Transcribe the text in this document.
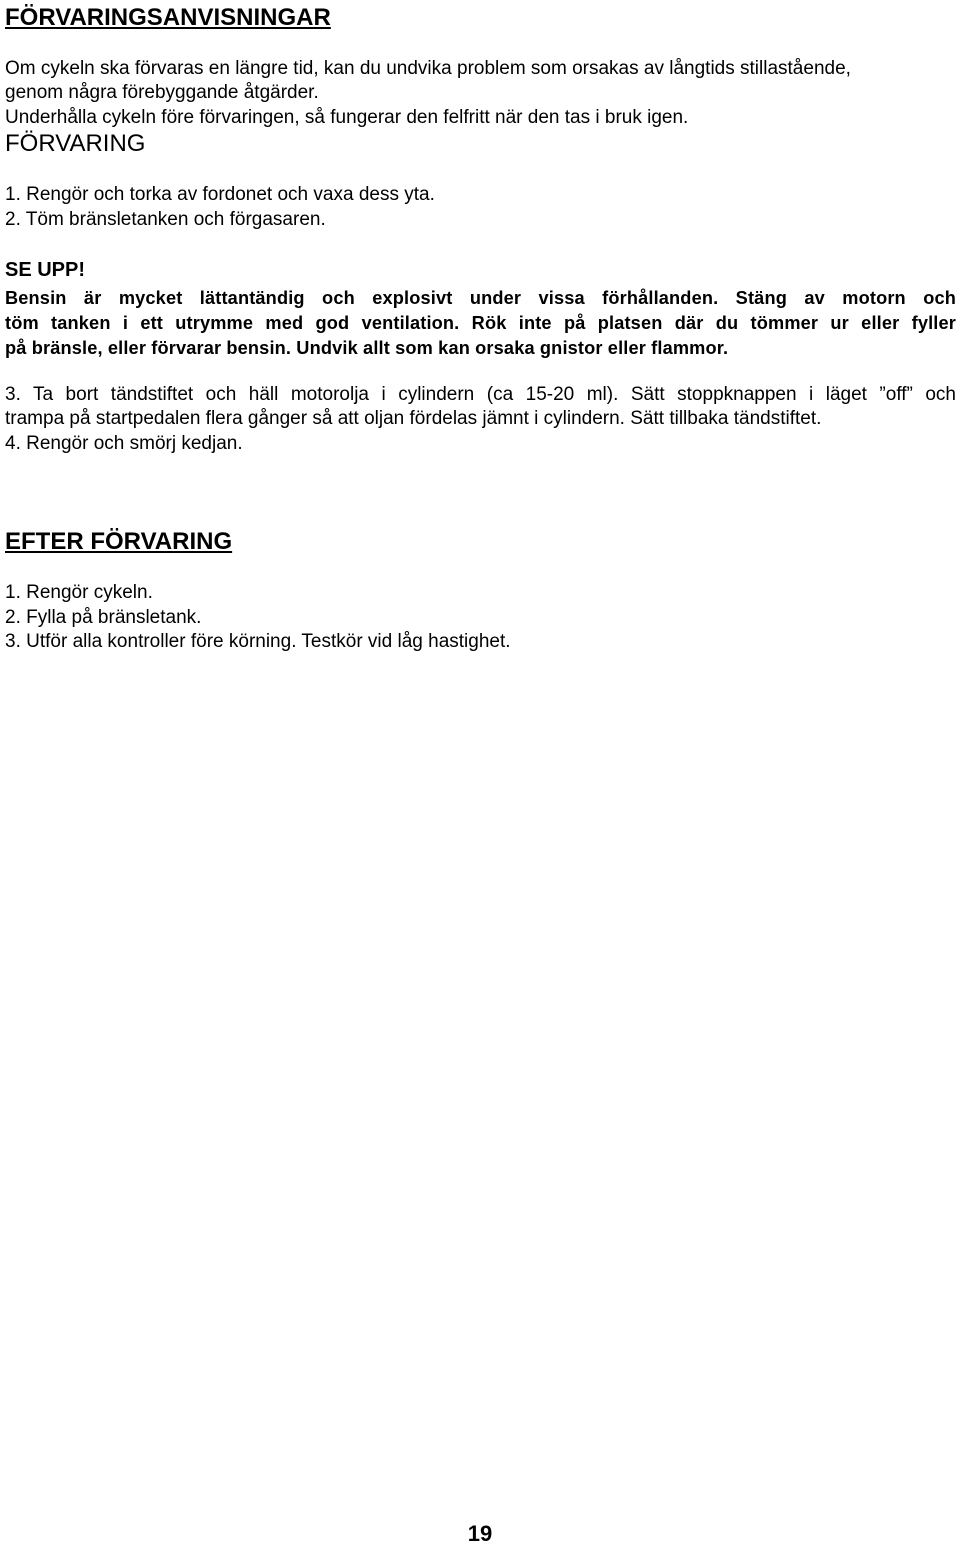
FÖRVARINGSANVISNINGAR
Om cykeln ska förvaras en längre tid, kan du undvika problem som orsakas av långtids stillastående,
genom några förebyggande åtgärder.
Underhålla cykeln före förvaringen, så fungerar den felfritt när den tas i bruk igen.
FÖRVARING
1. Rengör och torka av fordonet och vaxa dess yta.
2. Töm bränsletanken och förgasaren.
SE UPP!

Bensin är mycket lättantändig och explosivt under vissa förhållanden. Stäng av motorn och

töm tanken i ett utrymme med god ventilation. Rök inte på platsen där du tömmer ur eller fyller

på bränsle, eller förvarar bensin. Undvik allt som kan orsaka gnistor eller flammor.

3. Ta bort tändstiftet och häll motorolja i cylindern (ca 15-20 ml). Sätt stoppknappen i läget ”off” och
trampa på startpedalen flera gånger så att oljan fördelas jämnt i cylindern. Sätt tillbaka tändstiftet.
4. Rengör och smörj kedjan.
EFTER FÖRVARING
1. Rengör cykeln.
2. Fylla på bränsletank.
3. Utför alla kontroller före körning. Testkör vid låg hastighet.
19
